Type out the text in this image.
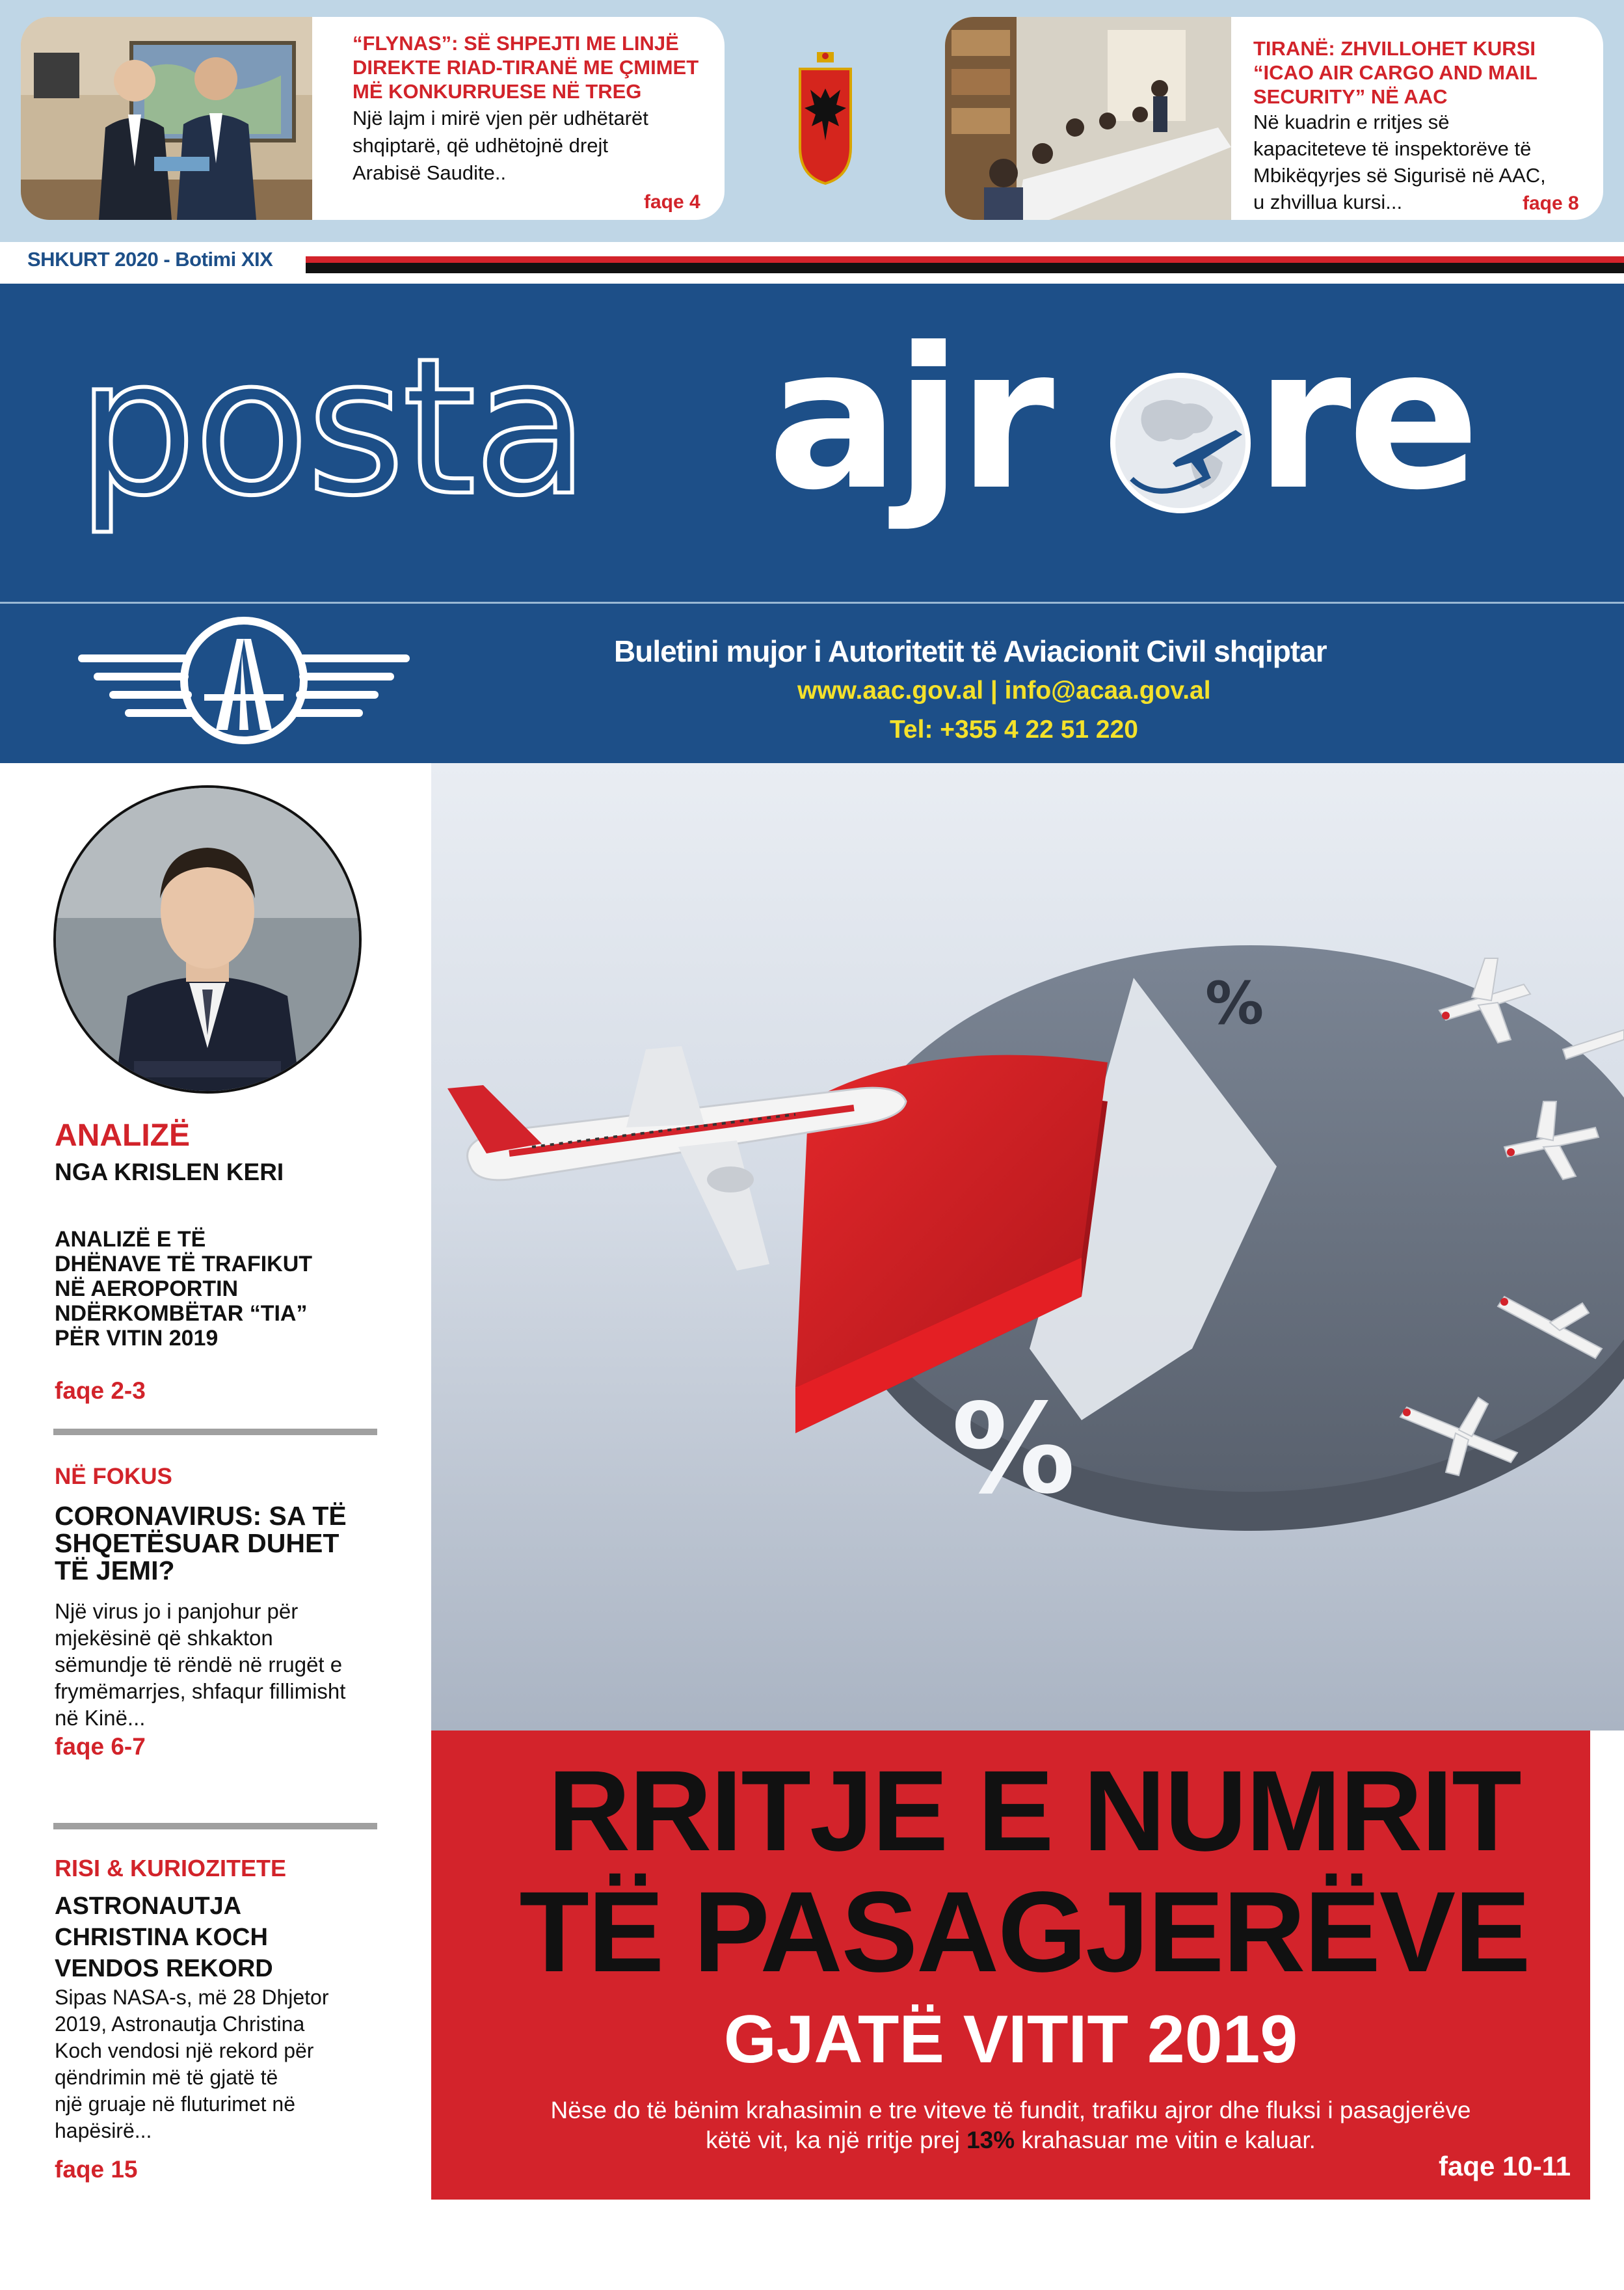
“FLYNAS”: SË SHPEJTI ME LINJË DIREKTE RIAD-TIRANË ME ÇMIMET MË KONKURRUESE NË TREG
Një lajm i mirë vjen për udhëtarët shqiptarë, që udhëtojnë drejt Arabisë Saudite..
faqe 4
TIRANË: ZHVILLOHET KURSI “ICAO AIR CARGO AND MAIL SECURITY” NË AAC
Në kuadrin e rritjes së kapaciteteve të inspektorëve të Mbikëqyrjes së Sigurisë në AAC, u zhvillua kursi...	faqe 8
SHKURT 2020 - Botimi XIX
posta ajr re
Buletini mujor i Autoritetit të Aviacionit Civil shqiptar
www.aac.gov.al | info@acaa.gov.al
Tel: +355 4 22 51 220
ANALIZË
NGA KRISLEN KERI
ANALIZË E TË
DHËNAVE TË TRAFIKUT
NË AEROPORTIN
NDËRKOMBËTAR “TIA”
PËR VITIN 2019
faqe 2-3
NË FOKUS
CORONAVIRUS: SA TË
SHQETËSUAR DUHET
TË JEMI?
Një virus jo i panjohur për
mjekësinë që shkakton
sëmundje të rëndë në rrugët e
frymëmarrjes, shfaqur fillimisht
në Kinë...
faqe 6-7
RISI & KURIOZITETE
ASTRONAUTJA
CHRISTINA KOCH
VENDOS REKORD
Sipas NASA-s, më 28 Dhjetor
2019, Astronautja Christina
Koch vendosi një rekord për
qëndrimin më të gjatë të
një gruaje në fluturimet në
hapësirë...
faqe 15
%
%
RRITJE E NUMRIT
TË PASAGJERËVE
GJATË VITIT 2019
Nëse do të bënim krahasimin e tre viteve të fundit, trafiku ajror dhe fluksi i pasagjerëve
këtë vit, ka një rritje prej 13% krahasuar me vitin e kaluar.
faqe 10-11
